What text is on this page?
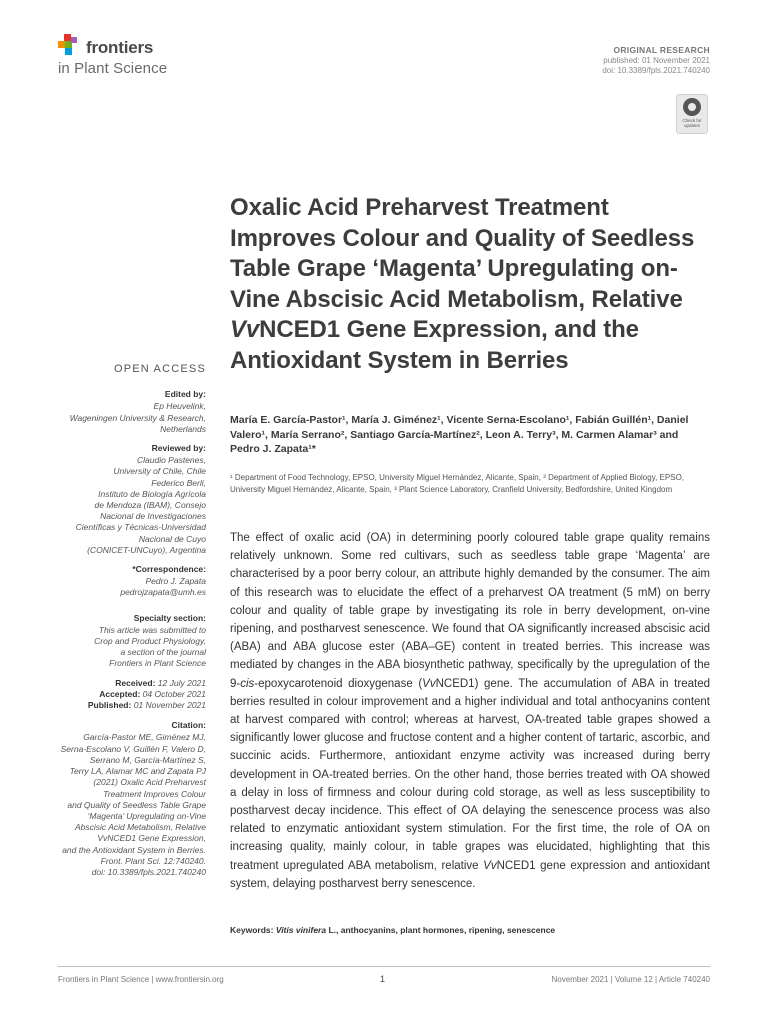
frontiers
in Plant Science
ORIGINAL RESEARCH
published: 01 November 2021
doi: 10.3389/fpls.2021.740240
Check for updates
Oxalic Acid Preharvest Treatment Improves Colour and Quality of Seedless Table Grape ‘Magenta’ Upregulating on-Vine Abscisic Acid Metabolism, Relative VvNCED1 Gene Expression, and the Antioxidant System in Berries
María E. García-Pastor¹, María J. Giménez¹, Vicente Serna-Escolano¹, Fabián Guillén¹, Daniel Valero¹, María Serrano², Santiago García-Martínez², Leon A. Terry³, M. Carmen Alamar³ and Pedro J. Zapata¹*
¹ Department of Food Technology, EPSO, University Miguel Hernández, Alicante, Spain, ² Department of Applied Biology, EPSO, University Miguel Hernández, Alicante, Spain, ³ Plant Science Laboratory, Cranfield University, Bedfordshire, United Kingdom
The effect of oxalic acid (OA) in determining poorly coloured table grape quality remains relatively unknown. Some red cultivars, such as seedless table grape ‘Magenta’ are characterised by a poor berry colour, an attribute highly demanded by the consumer. The aim of this research was to elucidate the effect of a preharvest OA treatment (5 mM) on berry colour and quality of table grape by investigating its role in berry development, on-vine ripening, and postharvest senescence. We found that OA significantly increased abscisic acid (ABA) and ABA glucose ester (ABA–GE) content in treated berries. This increase was mediated by changes in the ABA biosynthetic pathway, specifically by the upregulation of the 9-cis-epoxycarotenoid dioxygenase (VvNCED1) gene. The accumulation of ABA in treated berries resulted in colour improvement and a higher individual and total anthocyanins content at harvest compared with control; whereas at harvest, OA-treated table grapes showed a significantly lower glucose and fructose content and a higher content of tartaric, ascorbic, and succinic acids. Furthermore, antioxidant enzyme activity was increased during berry development in OA-treated berries. On the other hand, those berries treated with OA showed a delay in loss of firmness and colour during cold storage, as well as less susceptibility to postharvest decay incidence. This effect of OA delaying the senescence process was also related to enzymatic antioxidant system stimulation. For the first time, the role of OA on increasing quality, mainly colour, in table grapes was elucidated, highlighting that this treatment upregulated ABA metabolism, relative VvNCED1 gene expression and antioxidant system, delaying postharvest berry senescence.
Keywords: Vitis vinifera L., anthocyanins, plant hormones, ripening, senescence
OPEN ACCESS
Edited by:
Ep Heuvelink,
Wageningen University & Research,
Netherlands
Reviewed by:
Claudio Pastenes,
University of Chile, Chile
Federico Berli,
Instituto de Biología Agrícola
de Mendoza (IBAM), Consejo
Nacional de Investigaciones
Científicas y Técnicas-Universidad
Nacional de Cuyo
(CONICET-UNCuyo), Argentina
*Correspondence:
Pedro J. Zapata
pedrojzapata@umh.es
Specialty section:
This article was submitted to
Crop and Product Physiology,
a section of the journal
Frontiers in Plant Science
Received: 12 July 2021
Accepted: 04 October 2021
Published: 01 November 2021
Citation:
García-Pastor ME, Giménez MJ,
Serna-Escolano V, Guillén F, Valero D,
Serrano M, García-Martínez S,
Terry LA, Alamar MC and Zapata PJ
(2021) Oxalic Acid Preharvest
Treatment Improves Colour
and Quality of Seedless Table Grape
‘Magenta’ Upregulating on-Vine
Abscisic Acid Metabolism, Relative
VvNCED1 Gene Expression,
and the Antioxidant System in Berries.
Front. Plant Sci. 12:740240.
doi: 10.3389/fpls.2021.740240
Frontiers in Plant Science | www.frontiersin.org	1	November 2021 | Volume 12 | Article 740240
